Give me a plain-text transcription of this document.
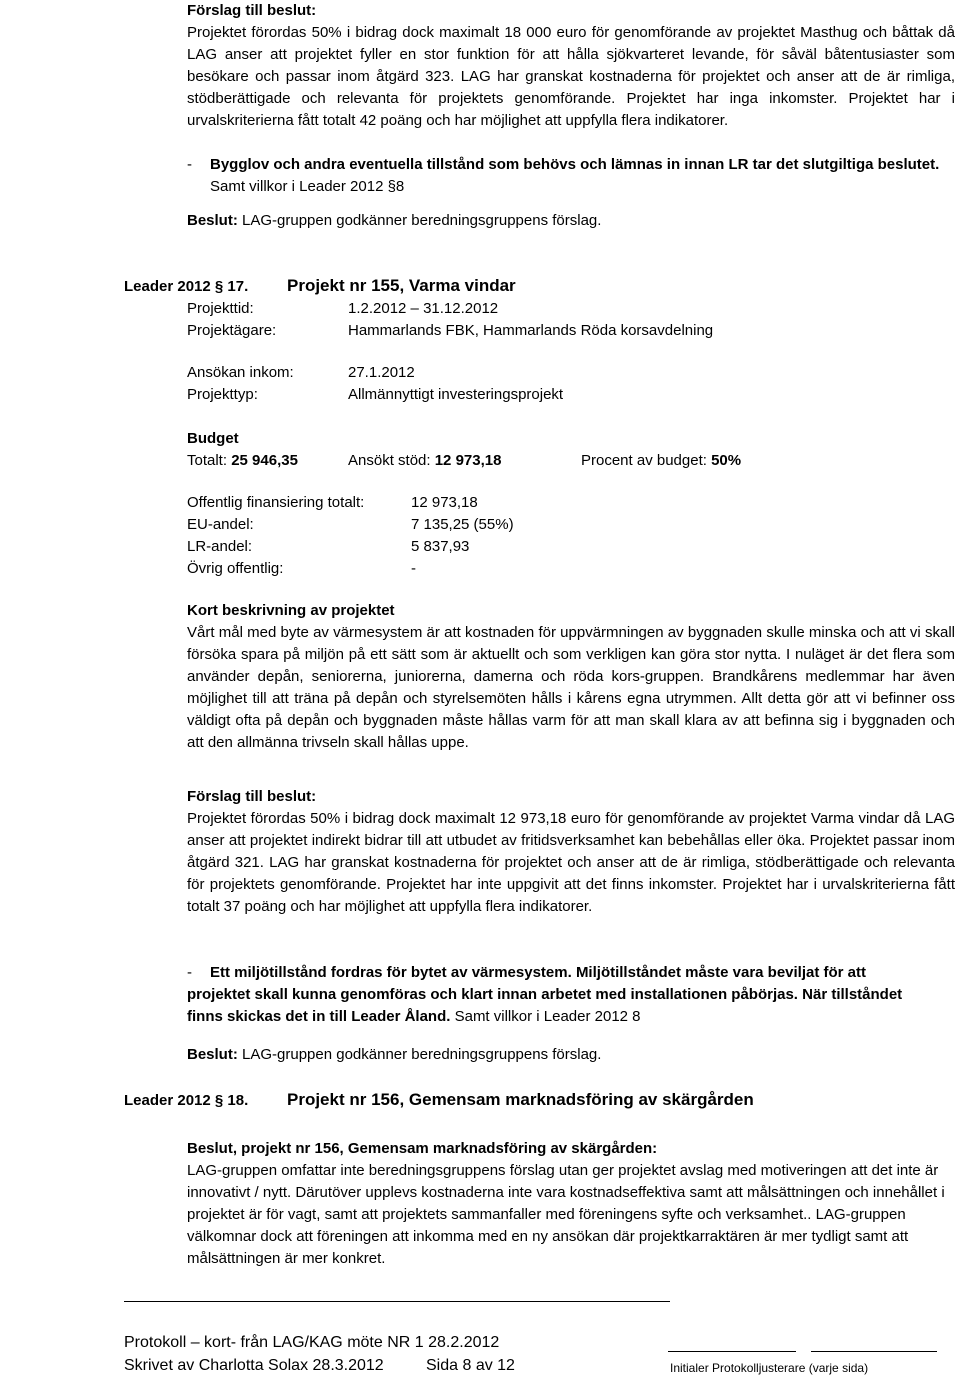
Förslag till beslut:
Projektet förordas 50% i bidrag dock maximalt 18 000 euro för genomförande av projektet Masthug och båttak då LAG anser att projektet fyller en stor funktion för att hålla sjökvarteret levande, för såväl båtentusiaster som besökare och passar inom åtgärd 323. LAG har granskat kostnaderna för projektet och anser att de är rimliga, stödberättigade och relevanta för projektets genomförande. Projektet har inga inkomster. Projektet har i urvalskriterierna fått totalt 42 poäng och har möjlighet att uppfylla flera indikatorer.
- Bygglov och andra eventuella tillstånd som behövs och lämnas in innan LR tar det slutgiltiga beslutet.
Samt villkor i Leader 2012 §8
Beslut: LAG-gruppen godkänner beredningsgruppens förslag.
Leader 2012 § 17. Projekt nr 155, Varma vindar
Projekttid:	1.2.2012 – 31.12.2012
Projektägare:	Hammarlands FBK, Hammarlands Röda korsavdelning
Ansökan inkom:	27.1.2012
Projekttyp:	Allmännyttigt investeringsprojekt
Budget
Totalt: 25 946,35	Ansökt stöd: 12 973,18	Procent av budget: 50%
Offentlig finansiering totalt:	12 973,18
EU-andel:	7 135,25 (55%)
LR-andel:	5 837,93
Övrig offentlig:	-
Kort beskrivning av projektet
Vårt mål med byte av värmesystem är att kostnaden för uppvärmningen av byggnaden skulle minska och att vi skall försöka spara på miljön på ett sätt som är aktuellt och som verkligen kan göra stor nytta. I nuläget är det flera som använder depån, seniorerna, juniorerna, damerna och röda kors-gruppen. Brandkårens medlemmar har även möjlighet till att träna på depån och styrelsemöten hålls i kårens egna utrymmen. Allt detta gör att vi befinner oss väldigt ofta på depån och byggnaden måste hållas varm för att man skall klara av att befinna sig i byggnaden och att den allmänna trivseln skall hållas uppe.
Förslag till beslut:
Projektet förordas 50% i bidrag dock maximalt 12 973,18 euro för genomförande av projektet Varma vindar då LAG anser att projektet indirekt bidrar till att utbudet av fritidsverksamhet kan bebehållas eller öka. Projektet passar inom åtgärd 321. LAG har granskat kostnaderna för projektet och anser att de är rimliga, stödberättigade och relevanta för projektets genomförande. Projektet har inte uppgivit att det finns inkomster. Projektet har i urvalskriterierna fått totalt 37 poäng och har möjlighet att uppfylla flera indikatorer.
-	Ett miljötillstånd fordras för bytet av värmesystem. Miljötillståndet måste vara beviljat för att projektet skall kunna genomföras och klart innan arbetet med installationen påbörjas. När tillståndet finns skickas det in till Leader Åland. Samt villkor i Leader 2012 8
Beslut: LAG-gruppen godkänner beredningsgruppens förslag.
Leader 2012 § 18. Projekt nr 156, Gemensam marknadsföring av skärgården
Beslut, projekt nr 156, Gemensam marknadsföring av skärgården:
LAG-gruppen omfattar inte beredningsgruppens förslag utan ger projektet avslag med motiveringen att det inte är innovativt / nytt. Därutöver upplevs kostnaderna inte vara kostnadseffektiva samt att målsättningen och innehållet i projektet är för vagt, samt att projektets sammanfaller med föreningens syfte och verksamhet.. LAG-gruppen välkomnar dock att föreningen att inkomma med en ny ansökan där projektkarraktären är mer tydligt samt att målsättningen är mer konkret.
Protokoll – kort- från LAG/KAG möte NR 1 28.2.2012
Skrivet av Charlotta Solax 28.3.2012	Sida 8 av 12	Initialer Protokolljusterare (varje sida)
